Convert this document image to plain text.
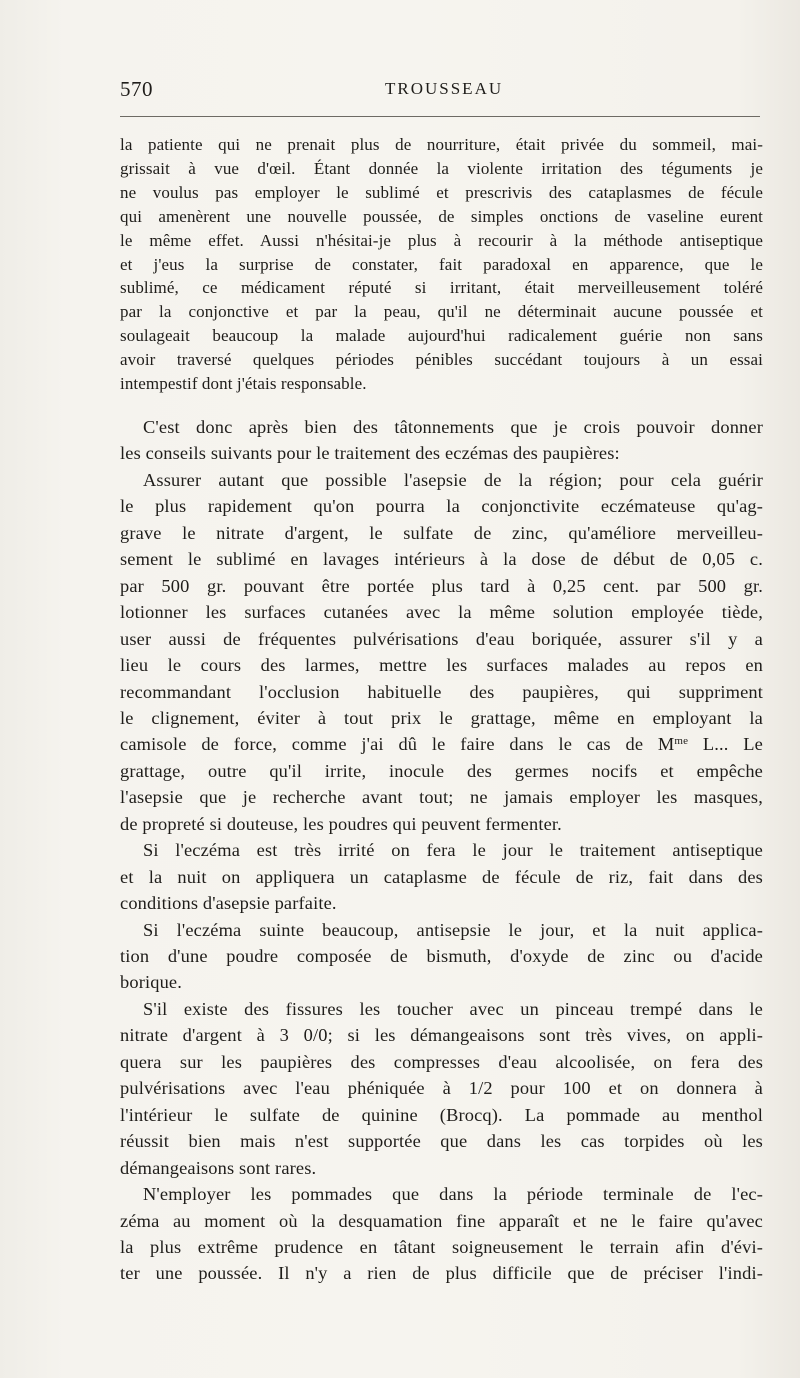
570	TROUSSEAU
la patiente qui ne prenait plus de nourriture, était privée du sommeil, mai-
grissait à vue d'œil. Étant donnée la violente irritation des téguments je
ne voulus pas employer le sublimé et prescrivis des cataplasmes de fécule
qui amenèrent une nouvelle poussée, de simples onctions de vaseline eurent
le même effet. Aussi n'hésitai-je plus à recourir à la méthode antiseptique
et j'eus la surprise de constater, fait paradoxal en apparence, que le
sublimé, ce médicament réputé si irritant, était merveilleusement toléré
par la conjonctive et par la peau, qu'il ne déterminait aucune poussée et
soulageait beaucoup la malade aujourd'hui radicalement guérie non sans
avoir traversé quelques périodes pénibles succédant toujours à un essai
intempestif dont j'étais responsable.
C'est donc après bien des tâtonnements que je crois pouvoir donner
les conseils suivants pour le traitement des eczémas des paupières:
Assurer autant que possible l'asepsie de la région; pour cela guérir
le plus rapidement qu'on pourra la conjonctivite eczémateuse qu'ag-
grave le nitrate d'argent, le sulfate de zinc, qu'améliore merveilleu-
sement le sublimé en lavages intérieurs à la dose de début de 0,05 c.
par 500 gr. pouvant être portée plus tard à 0,25 cent. par 500 gr.
lotionner les surfaces cutanées avec la même solution employée tiède,
user aussi de fréquentes pulvérisations d'eau boriquée, assurer s'il y a
lieu le cours des larmes, mettre les surfaces malades au repos en
recommandant l'occlusion habituelle des paupières, qui suppriment
le clignement, éviter à tout prix le grattage, même en employant la
camisole de force, comme j'ai dû le faire dans le cas de $M^{me}$ L... Le
grattage, outre qu'il irrite, inocule des germes nocifs et empêche
l'asepsie que je recherche avant tout; ne jamais employer les masques,
de propreté si douteuse, les poudres qui peuvent fermenter.
Si l'eczéma est très irrité on fera le jour le traitement antiseptique
et la nuit on appliquera un cataplasme de fécule de riz, fait dans des
conditions d'asepsie parfaite.
Si l'eczéma suinte beaucoup, antisepsie le jour, et la nuit applica-
tion d'une poudre composée de bismuth, d'oxyde de zinc ou d'acide
borique.
S'il existe des fissures les toucher avec un pinceau trempé dans le
nitrate d'argent à 3 0/0; si les démangeaisons sont très vives, on appli-
quera sur les paupières des compresses d'eau alcoolisée, on fera des
pulvérisations avec l'eau phéniquée à 1/2 pour 100 et on donnera à
l'intérieur le sulfate de quinine (Brocq). La pommade au menthol
réussit bien mais n'est supportée que dans les cas torpides où les
démangeaisons sont rares.
N'employer les pommades que dans la période terminale de l'ec-
zéma au moment où la desquamation fine apparaît et ne le faire qu'avec
la plus extrême prudence en tâtant soigneusement le terrain afin d'évi-
ter une poussée. Il n'y a rien de plus difficile que de préciser l'indi-
